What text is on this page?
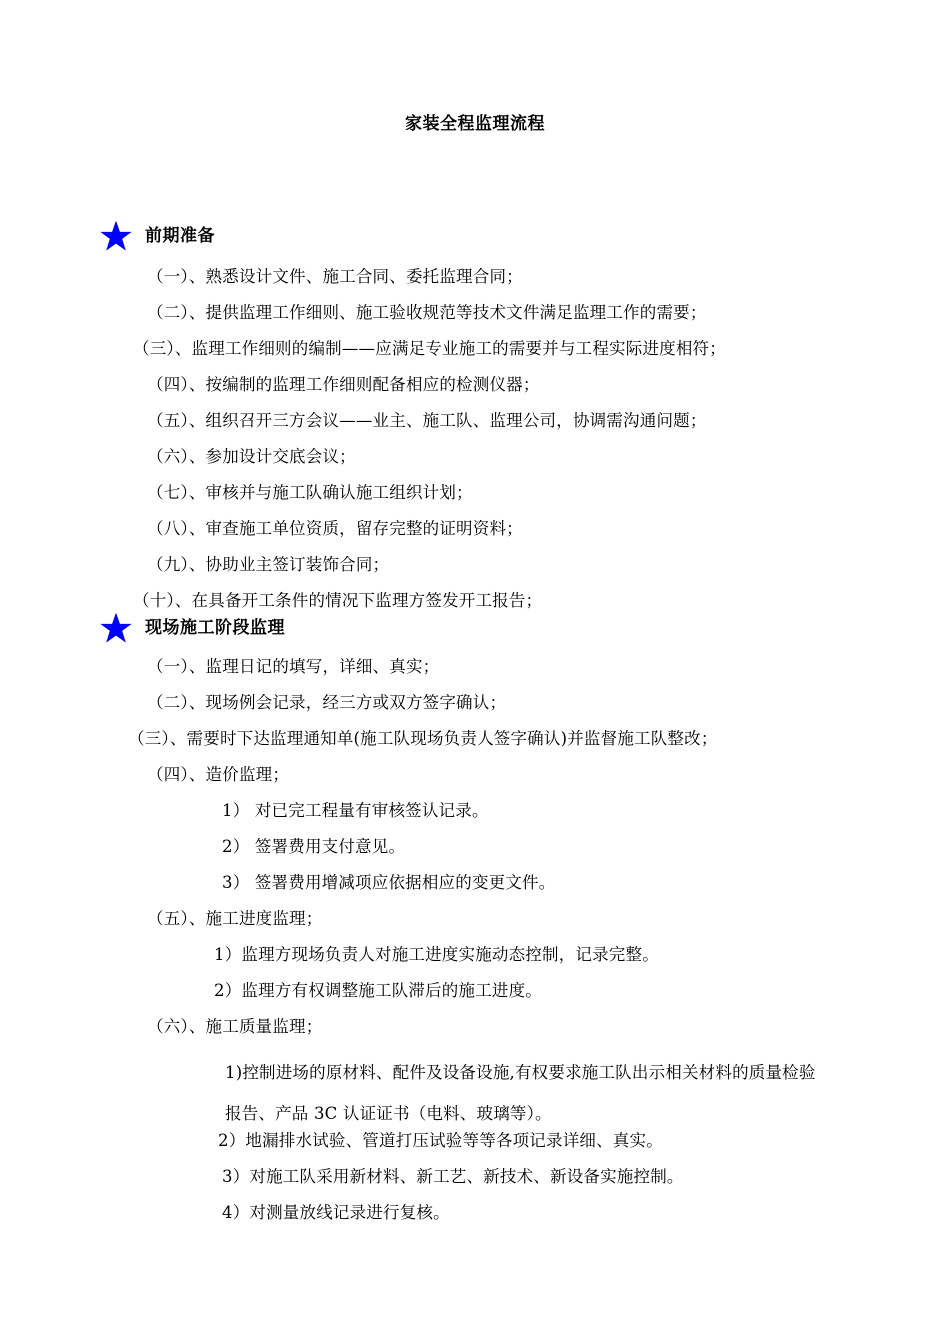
家装全程监理流程
前期准备
（一）、熟悉设计文件、施工合同、委托监理合同；
（二）、提供监理工作细则、施工验收规范等技术文件满足监理工作的需要；
（三）、监理工作细则的编制——应满足专业施工的需要并与工程实际进度相符；
（四）、按编制的监理工作细则配备相应的检测仪器；
（五）、组织召开三方会议——业主、施工队、监理公司，协调需沟通问题；
（六）、参加设计交底会议；
（七）、审核并与施工队确认施工组织计划；
（八）、审查施工单位资质，留存完整的证明资料；
（九）、协助业主签订装饰合同；
（十）、在具备开工条件的情况下监理方签发开工报告；
现场施工阶段监理
（一）、监理日记的填写，详细、真实；
（二）、现场例会记录，经三方或双方签字确认；
（三）、需要时下达监理通知单(施工队现场负责人签字确认)并监督施工队整改；
（四）、造价监理；
1） 对已完工程量有审核签认记录。
2） 签署费用支付意见。
3） 签署费用增减项应依据相应的变更文件。
（五）、施工进度监理；
1）监理方现场负责人对施工进度实施动态控制，记录完整。
2）监理方有权调整施工队滞后的施工进度。
（六）、施工质量监理；
1)控制进场的原材料、配件及设备设施,有权要求施工队出示相关材料的质量检验报告、产品 3C 认证证书（电料、玻璃等）。
2）地漏排水试验、管道打压试验等等各项记录详细、真实。
3）对施工队采用新材料、新工艺、新技术、新设备实施控制。
4）对测量放线记录进行复核。
